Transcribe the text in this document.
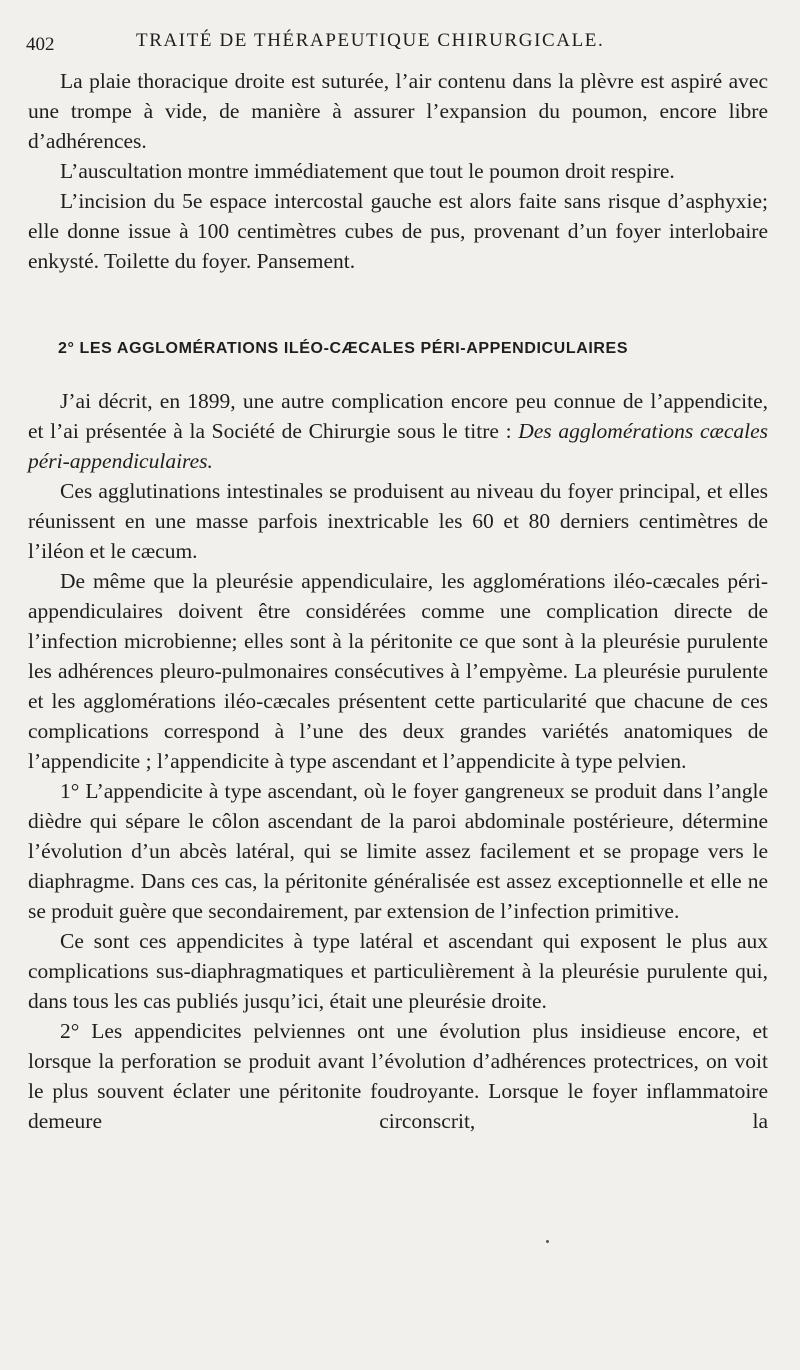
402	TRAITÉ DE THÉRAPEUTIQUE CHIRURGICALE.

La plaie thoracique droite est suturée, l’air contenu dans la plèvre est aspiré avec une trompe à vide, de manière à assurer l’expansion du poumon, encore libre d’adhérences.

L’auscultation montre immédiatement que tout le poumon droit respire.

L’incision du 5e espace intercostal gauche est alors faite sans risque d’asphyxie; elle donne issue à 100 centimètres cubes de pus, provenant d’un foyer interlobaire enkysté. Toilette du foyer. Pansement.

2° LES AGGLOMÉRATIONS ILÉO-CÆCALES PÉRI-APPENDICULAIRES

J’ai décrit, en 1899, une autre complication encore peu connue de l’appendicite, et l’ai présentée à la Société de Chirurgie sous le titre : Des agglomérations cæcales péri-appendiculaires.

Ces agglutinations intestinales se produisent au niveau du foyer principal, et elles réunissent en une masse parfois inextricable les 60 et 80 derniers centimètres de l’iléon et le cæcum.

De même que la pleurésie appendiculaire, les agglomérations iléo-cæcales péri-appendiculaires doivent être considérées comme une complication directe de l’infection microbienne; elles sont à la péritonite ce que sont à la pleurésie purulente les adhérences pleuro-pulmonaires consécutives à l’empyème. La pleurésie purulente et les agglomérations iléo-cæcales présentent cette particularité que chacune de ces complications correspond à l’une des deux grandes variétés anatomiques de l’appendicite ; l’appendicite à type ascendant et l’appendicite à type pelvien.

1° L’appendicite à type ascendant, où le foyer gangreneux se produit dans l’angle dièdre qui sépare le côlon ascendant de la paroi abdominale postérieure, détermine l’évolution d’un abcès latéral, qui se limite assez facilement et se propage vers le diaphragme. Dans ces cas, la péritonite généralisée est assez exceptionnelle et elle ne se produit guère que secondairement, par extension de l’infection primitive.

Ce sont ces appendicites à type latéral et ascendant qui exposent le plus aux complications sus-diaphragmatiques et particulièrement à la pleurésie purulente qui, dans tous les cas publiés jusqu’ici, était une pleurésie droite.

2° Les appendicites pelviennes ont une évolution plus insidieuse encore, et lorsque la perforation se produit avant l’évolution d’adhérences protectrices, on voit le plus souvent éclater une péritonite foudroyante. Lorsque le foyer inflammatoire demeure circonscrit, la
